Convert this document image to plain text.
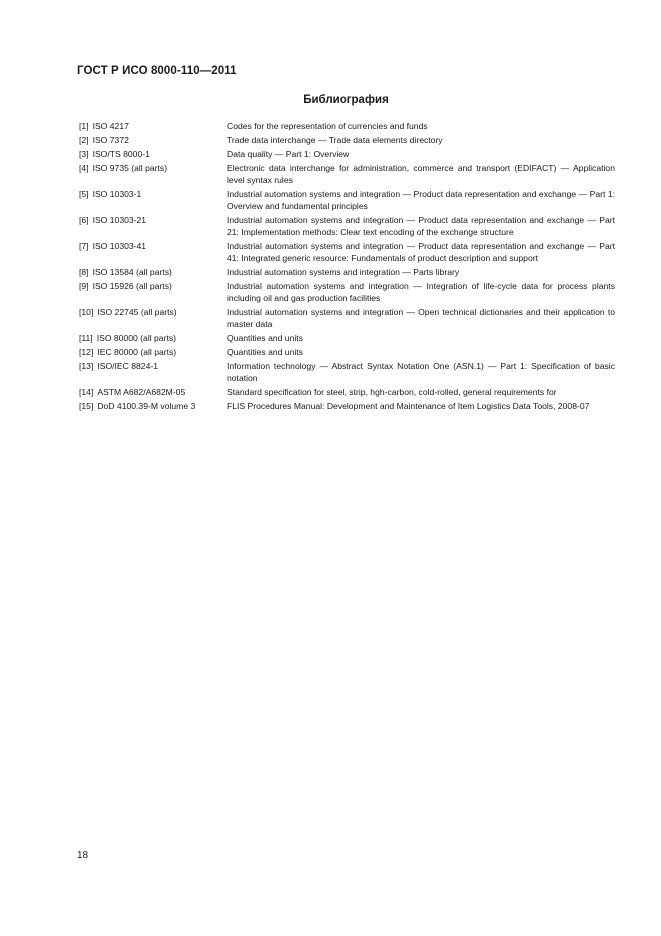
ГОСТ Р ИСО 8000-110—2011
Библиография
[1] ISO 4217	Codes for the representation of currencies and funds
[2] ISO 7372	Trade data interchange — Trade data elements directory
[3] ISO/TS 8000-1	Data quality — Part 1: Overview
[4] ISO 9735 (all parts)	Electronic data interchange for administration, commerce and transport (EDIFACT) — Application level syntax rules
[5] ISO 10303-1	Industrial automation systems and integration — Product data representation and exchange — Part 1: Overview and fundamental principles
[6] ISO 10303-21	Industrial automation systems and integration — Product data representation and exchange — Part 21: Implementation methods: Clear text encoding of the exchange structure
[7] ISO 10303-41	Industrial automation systems and integration — Product data representation and exchange — Part 41: Integrated generic resource: Fundamentals of product description and support
[8] ISO 13584 (all parts)	Industrial automation systems and integration — Parts library
[9] ISO 15926 (all parts)	Industrial automation systems and integration — Integration of life-cycle data for process plants including oil and gas production facilities
[10] ISO 22745 (all parts)	Industrial automation systems and integration — Open technical dictionaries and their application to master data
[11] ISO 80000 (all parts)	Quantities and units
[12] IEC 80000 (all parts)	Quantities and units
[13] ISO/IEC 8824-1	Information technology — Abstract Syntax Notation One (ASN.1) — Part 1: Specification of basic notation
[14] ASTM A682/A682M-05	Standard specification for steel, strip, hgh-carbon, cold-rolled, general requirements for
[15] DoD 4100.39-M volume 3	FLIS Procedures Manual: Development and Maintenance of Item Logistics Data Tools, 2008-07
18
